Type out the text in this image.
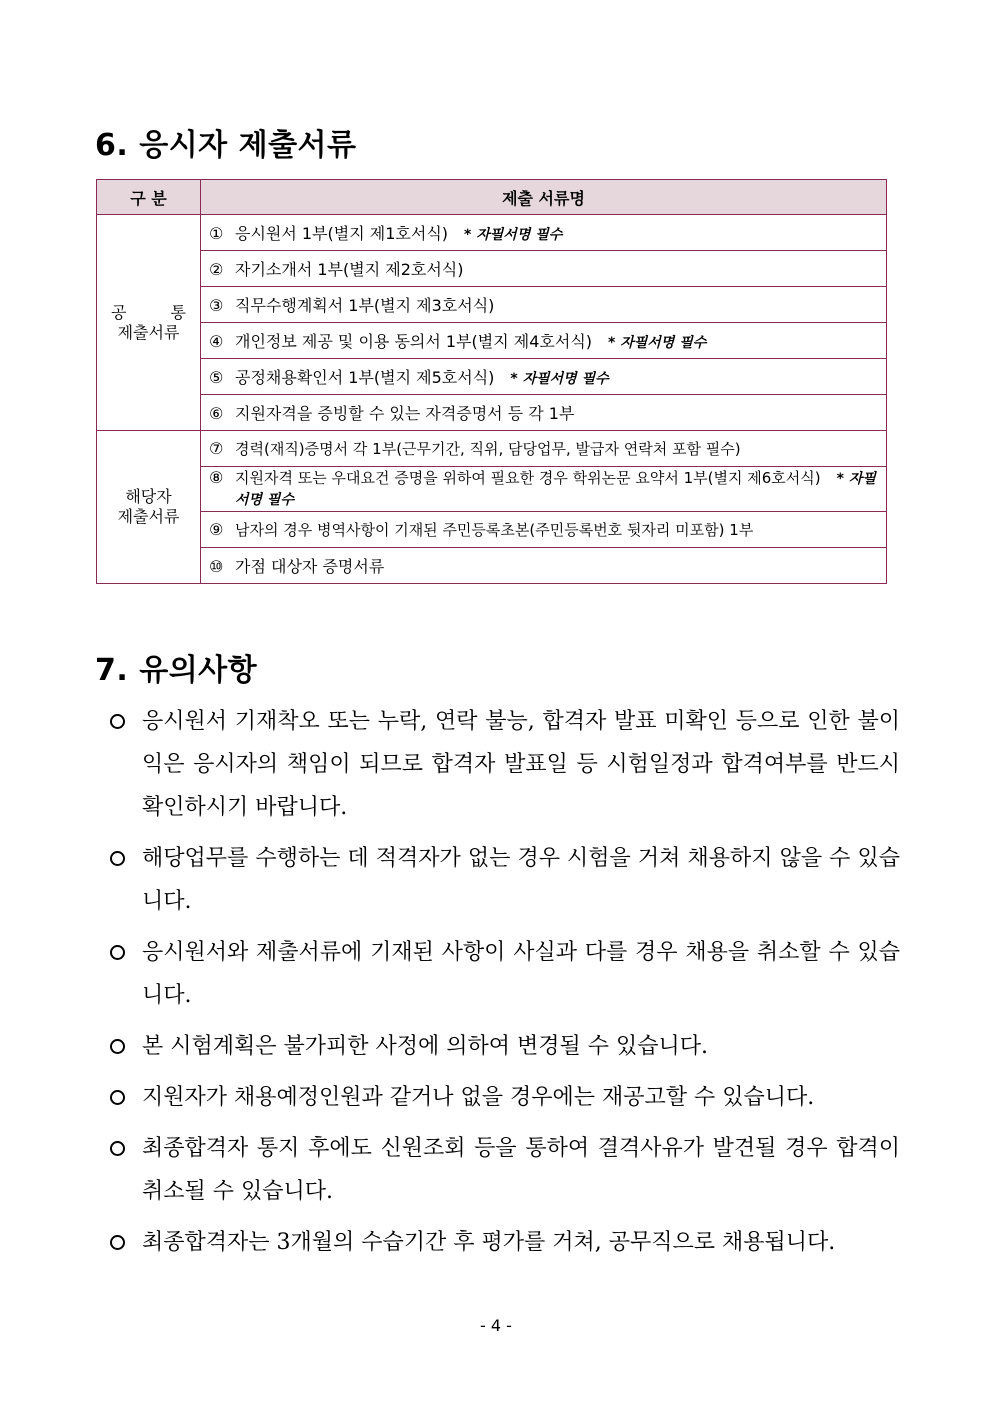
6. 응시자 제출서류
구 분	제출 서류명

공 통
제출서류	① 응시원서 1부(별지 제1호서식) * 자필서명 필수
	② 자기소개서 1부(별지 제2호서식)
	③ 직무수행계획서 1부(별지 제3호서식)
	④ 개인정보 제공 및 이용 동의서 1부(별지 제4호서식) * 자필서명 필수
	⑤ 공정채용확인서 1부(별지 제5호서식) * 자필서명 필수
	⑥ 지원자격을 증빙할 수 있는 자격증명서 등 각 1부
해당자
제출서류	⑦ 경력(재직)증명서 각 1부(근무기간, 직위, 담당업무, 발급자 연락처 포함 필수)

	⑧ 지원자격 또는 우대요건 증명을 위하여 필요한 경우 학위논문 요약서 1부(별지 제6호서식) * 자필서명 필수

	⑨ 남자의 경우 병역사항이 기재된 주민등록초본(주민등록번호 뒷자리 미포함) 1부
	⑩ 가점 대상자 증명서류
7. 유의사항
응시원서 기재착오 또는 누락, 연락 불능, 합격자 발표 미확인 등으로 인한 불이익은 응시자의 책임이 되므로 합격자 발표일 등 시험일정과 합격여부를 반드시 확인하시기 바랍니다.
해당업무를 수행하는 데 적격자가 없는 경우 시험을 거쳐 채용하지 않을 수 있습니다.
응시원서와 제출서류에 기재된 사항이 사실과 다를 경우 채용을 취소할 수 있습니다.
본 시험계획은 불가피한 사정에 의하여 변경될 수 있습니다.
지원자가 채용예정인원과 같거나 없을 경우에는 재공고할 수 있습니다.
최종합격자 통지 후에도 신원조회 등을 통하여 결격사유가 발견될 경우 합격이 취소될 수 있습니다.
최종합격자는 3개월의 수습기간 후 평가를 거쳐, 공무직으로 채용됩니다.
- 4 -
